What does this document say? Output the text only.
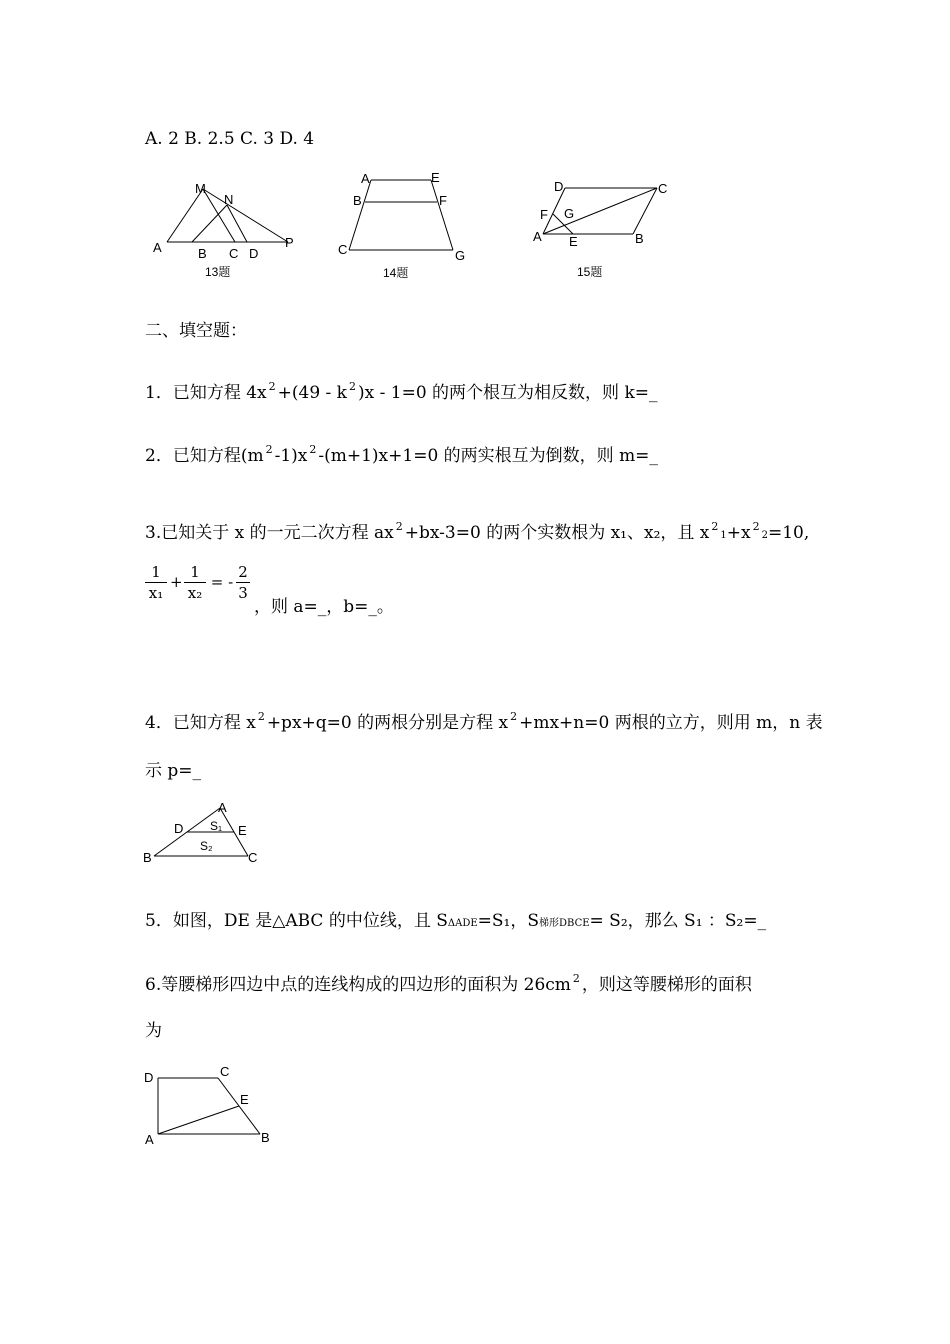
A. 2 B. 2.5 C. 3 D. 4
M
N
A	B C D
P
13题
A	E
B	F
C	G
14题
D	C
F G
A E	B
15题
二、填空题：
1．已知方程 4x $^2$ +(49 - k $^2$ )x - 1=0 的两个根互为相反数，则 k=_
2．已知方程(m $^2$ -1)x $^2$ -(m+1)x+1=0 的两实根互为倒数，则 m=_
3.已知关于 x 的一元二次方程 ax $^2$ +bx-3=0 的两个实数根为 x₁、x₂，且 x $^2$1+x $^2$2=10,
$\frac{1}{\text{x₁}} + \frac{1}{\text{x₂}}$ = - $\frac{2}{3}$
，则 a=_，b=_。
4．已知方程 x $^2$ +px+q=0 的两根分别是方程 x $^2$ +mx+n=0 两根的立方，则用 m，n 表
示 p=_
A
D	E
B	C
S₁
S₂
5．如图，DE 是△ABC 的中位线，且 SΔADE=S₁，S梯形DBCE= S₂，那么 S₁ ：S₂=_
6.等腰梯形四边中点的连线构成的四边形的面积为 26cm $^2$ ，则这等腰梯形的面积
为
D	C
E
A	B
